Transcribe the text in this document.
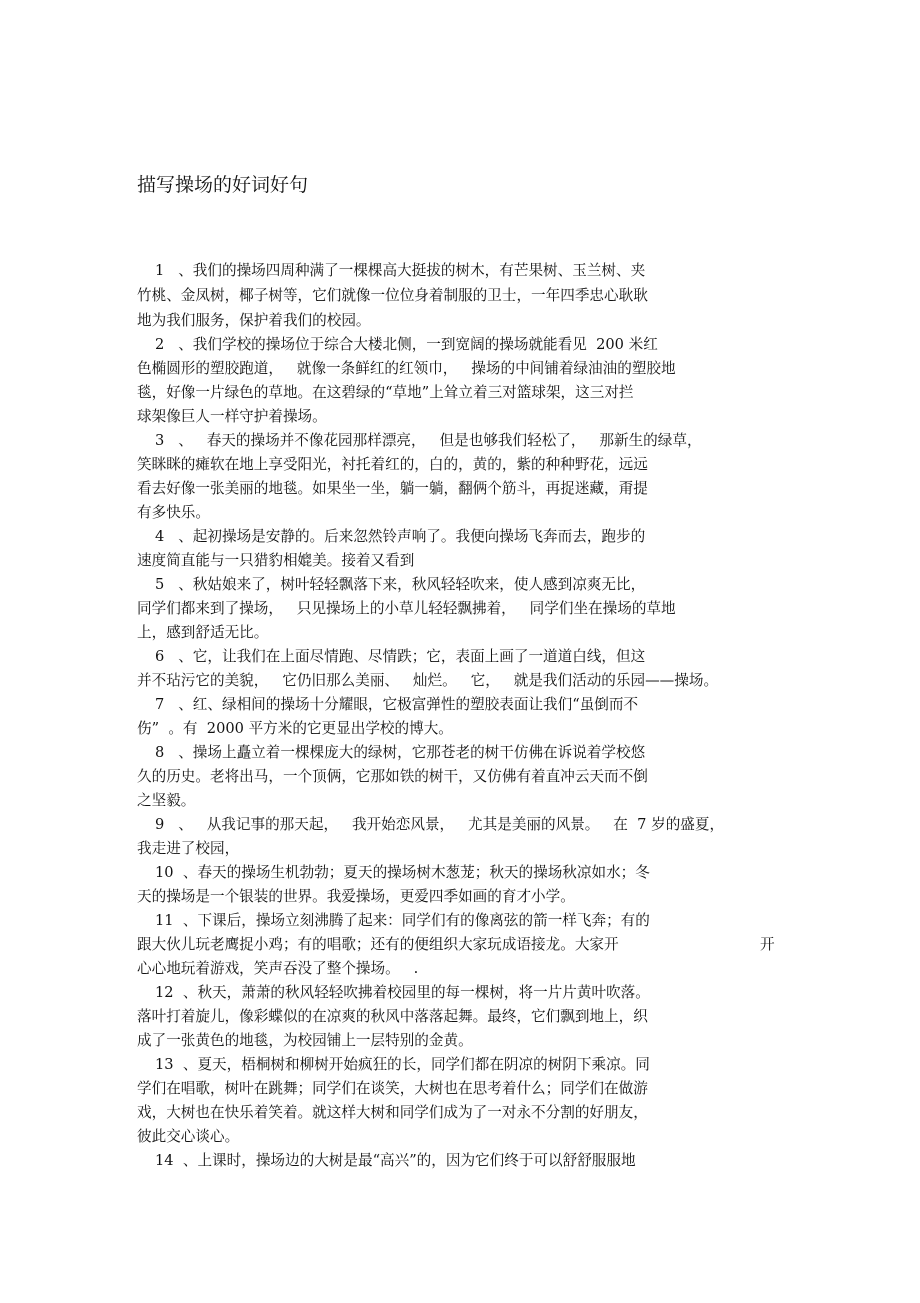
描写操场的好词好句

1   、我们的操场四周种满了一棵棵高大挺拔的树木，有芒果树、玉兰树、夹

竹桃、金凤树，椰子树等，它们就像一位位身着制服的卫士，一年四季忠心耿耿

地为我们服务，保护着我们的校园。

2   、我们学校的操场位于综合大楼北侧，一到宽阔的操场就能看见  200 米红

色椭圆形的塑胶跑道，   就像一条鲜红的红领巾，   操场的中间铺着绿油油的塑胶地

毯，好像一片绿色的草地。在这碧绿的“草地”上耸立着三对篮球架，这三对拦

球架像巨人一样守护着操场。

3   、   春天的操场并不像花园那样漂亮，   但是也够我们轻松了，   那新生的绿草，

笑眯眯的瘫软在地上享受阳光，衬托着红的，白的，黄的，紫的种种野花，远远

看去好像一张美丽的地毯。如果坐一坐，躺一躺，翻俩个筋斗，再捉迷藏，甭提

有多快乐。

4   、起初操场是安静的。后来忽然铃声响了。我便向操场飞奔而去，跑步的

速度简直能与一只猎豹相媲美。接着又看到

5   、秋姑娘来了，树叶轻轻飘落下来，秋风轻轻吹来，使人感到凉爽无比，

同学们都来到了操场，   只见操场上的小草儿轻轻飘拂着，   同学们坐在操场的草地

上，感到舒适无比。

6   、它，让我们在上面尽情跑、尽情跌；它，表面上画了一道道白线，但这

并不玷污它的美貌，   它仍旧那么美丽、   灿烂。   它，   就是我们活动的乐园——操场。

7   、红、绿相间的操场十分耀眼，它极富弹性的塑胶表面让我们“虽倒而不

伤”  。有  2000 平方米的它更显出学校的博大。

8   、操场上矗立着一棵棵庞大的绿树，它那苍老的树干仿佛在诉说着学校悠

久的历史。老将出马，一个顶俩，它那如铁的树干，又仿佛有着直冲云天而不倒

之坚毅。

9   、   从我记事的那天起，   我开始恋风景，   尤其是美丽的风景。   在  7 岁的盛夏，

我走进了校园，

10  、春天的操场生机勃勃；夏天的操场树木葱茏；秋天的操场秋凉如水；冬

天的操场是一个银装的世界。我爱操场，更爱四季如画的育才小学。

11  、下课后，操场立刻沸腾了起来：同学们有的像离弦的箭一样飞奔；有的

跟大伙儿玩老鹰捉小鸡；有的唱歌；还有的便组织大家玩成语接龙。大家开	开

心心地玩着游戏，笑声吞没了整个操场。   .

12  、秋天，萧萧的秋风轻轻吹拂着校园里的每一棵树，将一片片黄叶吹落。

落叶打着旋儿，像彩蝶似的在凉爽的秋风中落落起舞。最终，它们飘到地上，织

成了一张黄色的地毯，为校园铺上一层特别的金黄。

13  、夏天，梧桐树和柳树开始疯狂的长，同学们都在阴凉的树阴下乘凉。同

学们在唱歌，树叶在跳舞；同学们在谈笑，大树也在思考着什么；同学们在做游

戏，大树也在快乐着笑着。就这样大树和同学们成为了一对永不分割的好朋友，

彼此交心谈心。

14  、上课时，操场边的大树是最“高兴”的，因为它们终于可以舒舒服服地
